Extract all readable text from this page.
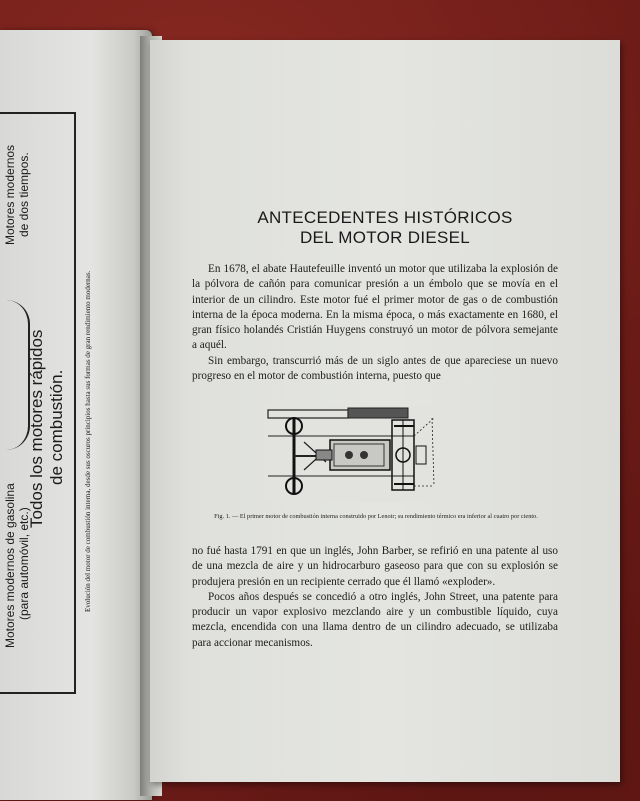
Todos los motores rápidos de combustión.
Motores modernos de gasolina (para automóvil, etc.)
Motores modernos de dos tiempos.
Evolución del motor de combustión interna, desde sus oscuros principios hasta sus formas de gran rendimiento modernas.
ANTECEDENTES HISTÓRICOS
DEL MOTOR DIESEL

En 1678, el abate Hautefeuille inventó un motor que utilizaba la explosión de la pólvora de cañón para comunicar presión a un émbolo que se movía en el interior de un cilindro. Este motor fué el primer motor de gas o de combustión interna de la época moderna. En la misma época, o más exactamente en 1680, el gran físico holandés Cristián Huygens construyó un motor de pólvora semejante a aquél.

Sin embargo, transcurrió más de un siglo antes de que apareciese un nuevo progreso en el motor de combustión interna, puesto que

Fig. 1. — El primer motor de combustión interna construido por Lenoir; su rendimiento térmico era inferior al cuatro por ciento.

no fué hasta 1791 en que un inglés, John Barber, se refirió en una patente al uso de una mezcla de aire y un hidrocarburo gaseoso para que con su explosión se produjera presión en un recipiente cerrado que él llamó «exploder».

Pocos años después se concedió a otro inglés, John Street, una patente para producir un vapor explosivo mezclando aire y un combustible líquido, cuya mezcla, encendida con una llama dentro de un cilindro adecuado, se utilizaba para accionar mecanismos.
